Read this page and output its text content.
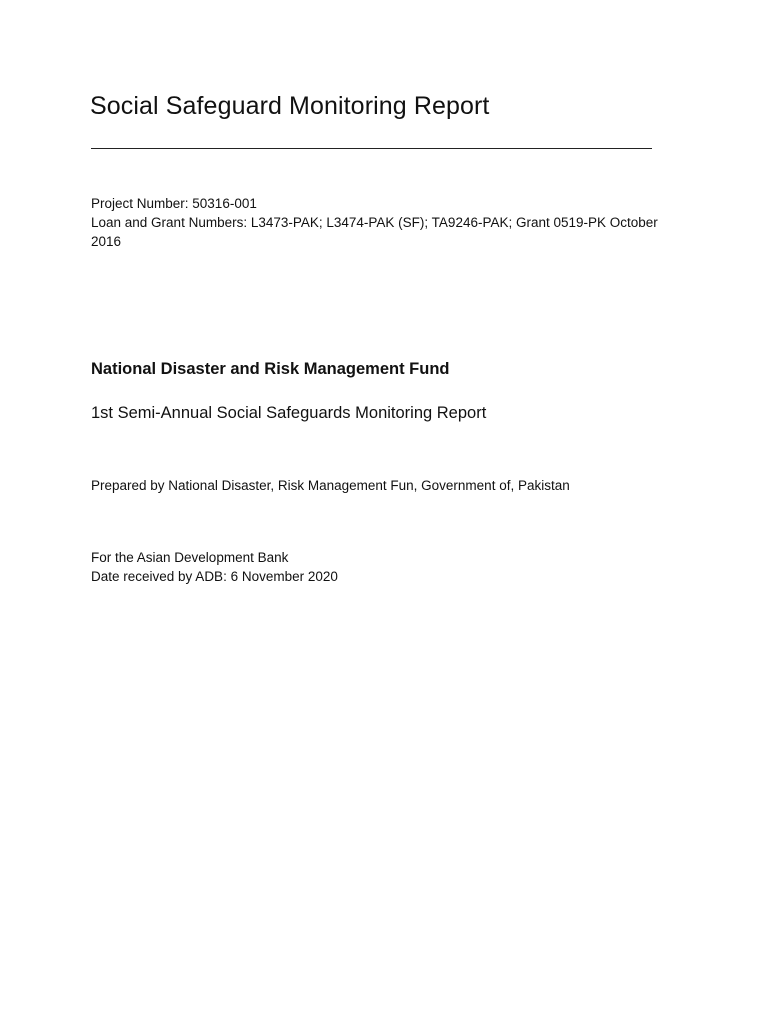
Social Safeguard Monitoring Report
Project Number: 50316-001
Loan and Grant Numbers: L3473-PAK; L3474-PAK (SF); TA9246-PAK; Grant 0519-PK October
2016
National Disaster and Risk Management Fund
1st Semi-Annual Social Safeguards Monitoring Report
Prepared by National Disaster, Risk Management Fun, Government of, Pakistan
For the Asian Development Bank
Date received by ADB: 6 November 2020
